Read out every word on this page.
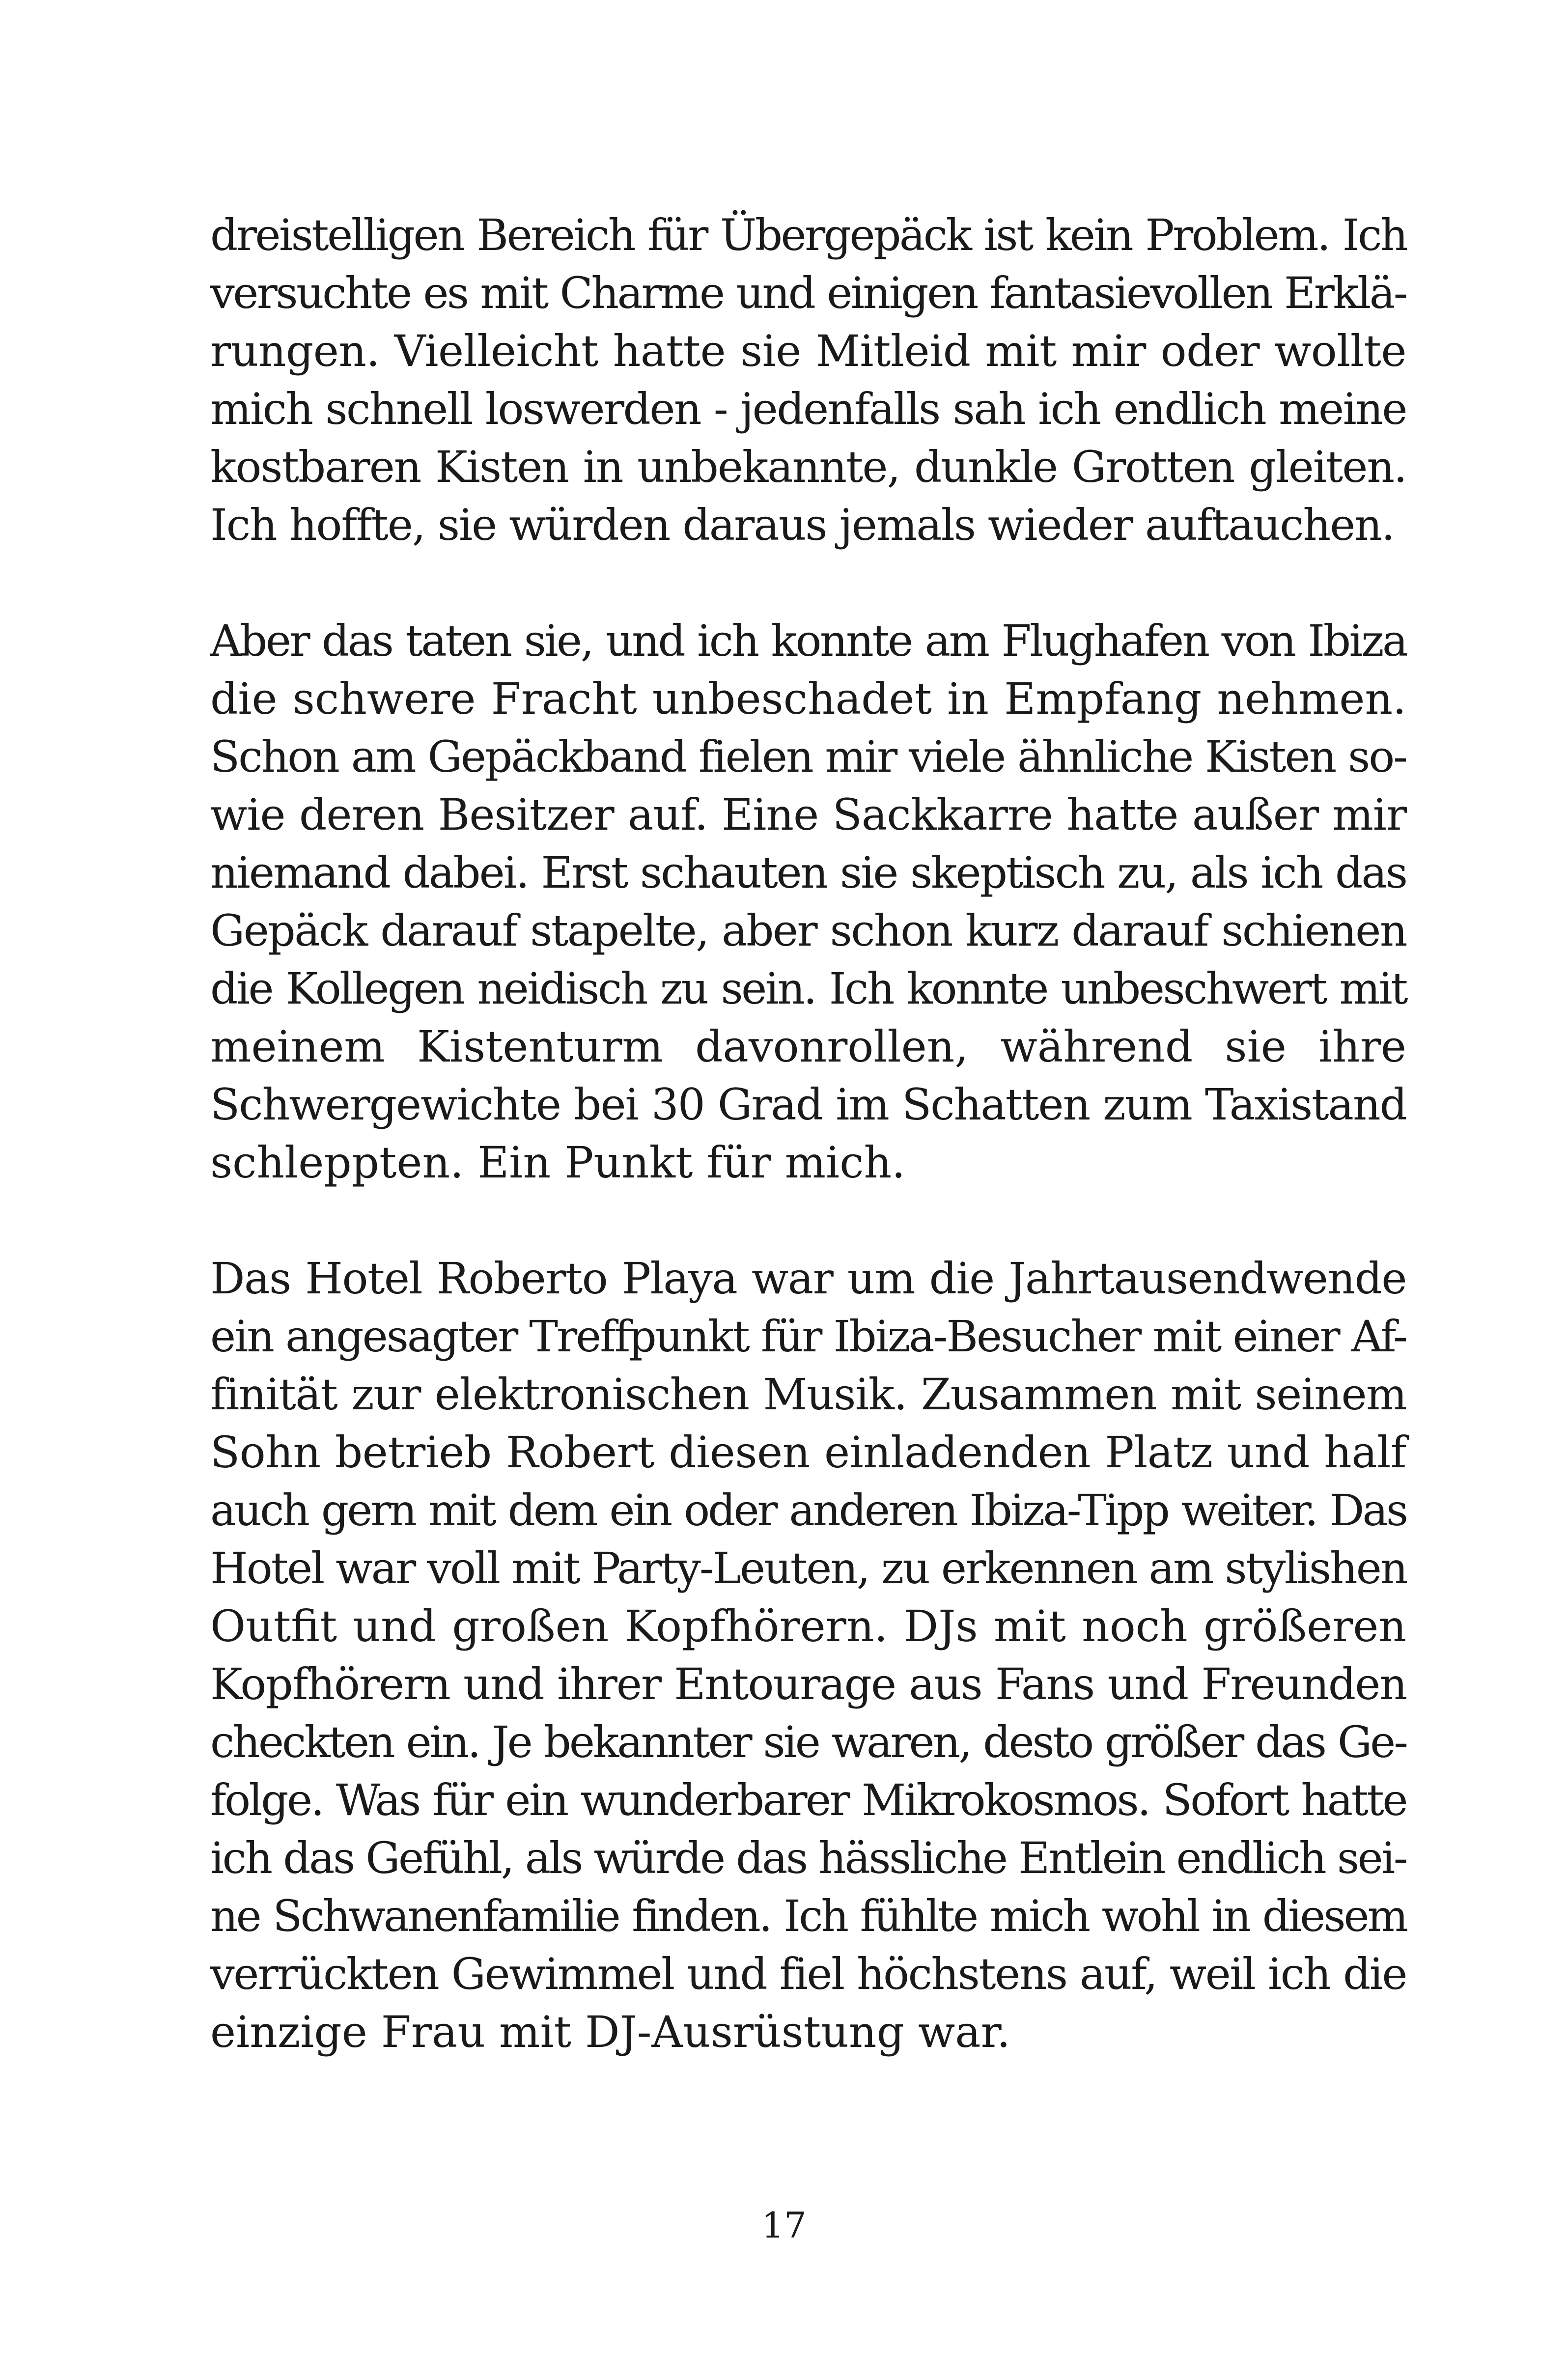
dreistelligen Bereich für Übergepäck ist kein Problem. Ich
versuchte es mit Charme und einigen fantasievollen Erklä-
rungen. Vielleicht hatte sie Mitleid mit mir oder wollte
mich schnell loswerden - jedenfalls sah ich endlich meine
kostbaren Kisten in unbekannte, dunkle Grotten gleiten.
Ich hoffte, sie würden daraus jemals wieder auftauchen.
Aber das taten sie, und ich konnte am Flughafen von Ibiza
die schwere Fracht unbeschadet in Empfang nehmen.
Schon am Gepäckband fielen mir viele ähnliche Kisten so-
wie deren Besitzer auf. Eine Sackkarre hatte außer mir
niemand dabei. Erst schauten sie skeptisch zu, als ich das
Gepäck darauf stapelte, aber schon kurz darauf schienen
die Kollegen neidisch zu sein. Ich konnte unbeschwert mit
meinem Kistenturm davonrollen, während sie ihre
Schwergewichte bei 30 Grad im Schatten zum Taxistand
schleppten. Ein Punkt für mich.
Das Hotel Roberto Playa war um die Jahrtausendwende
ein angesagter Treffpunkt für Ibiza-Besucher mit einer Af-
finität zur elektronischen Musik. Zusammen mit seinem
Sohn betrieb Robert diesen einladenden Platz und half
auch gern mit dem ein oder anderen Ibiza-Tipp weiter. Das
Hotel war voll mit Party-Leuten, zu erkennen am stylishen
Outfit und großen Kopfhörern. DJs mit noch größeren
Kopfhörern und ihrer Entourage aus Fans und Freunden
checkten ein. Je bekannter sie waren, desto größer das Ge-
folge. Was für ein wunderbarer Mikrokosmos. Sofort hatte
ich das Gefühl, als würde das hässliche Entlein endlich sei-
ne Schwanenfamilie finden. Ich fühlte mich wohl in diesem
verrückten Gewimmel und fiel höchstens auf, weil ich die
einzige Frau mit DJ-Ausrüstung war.
17
